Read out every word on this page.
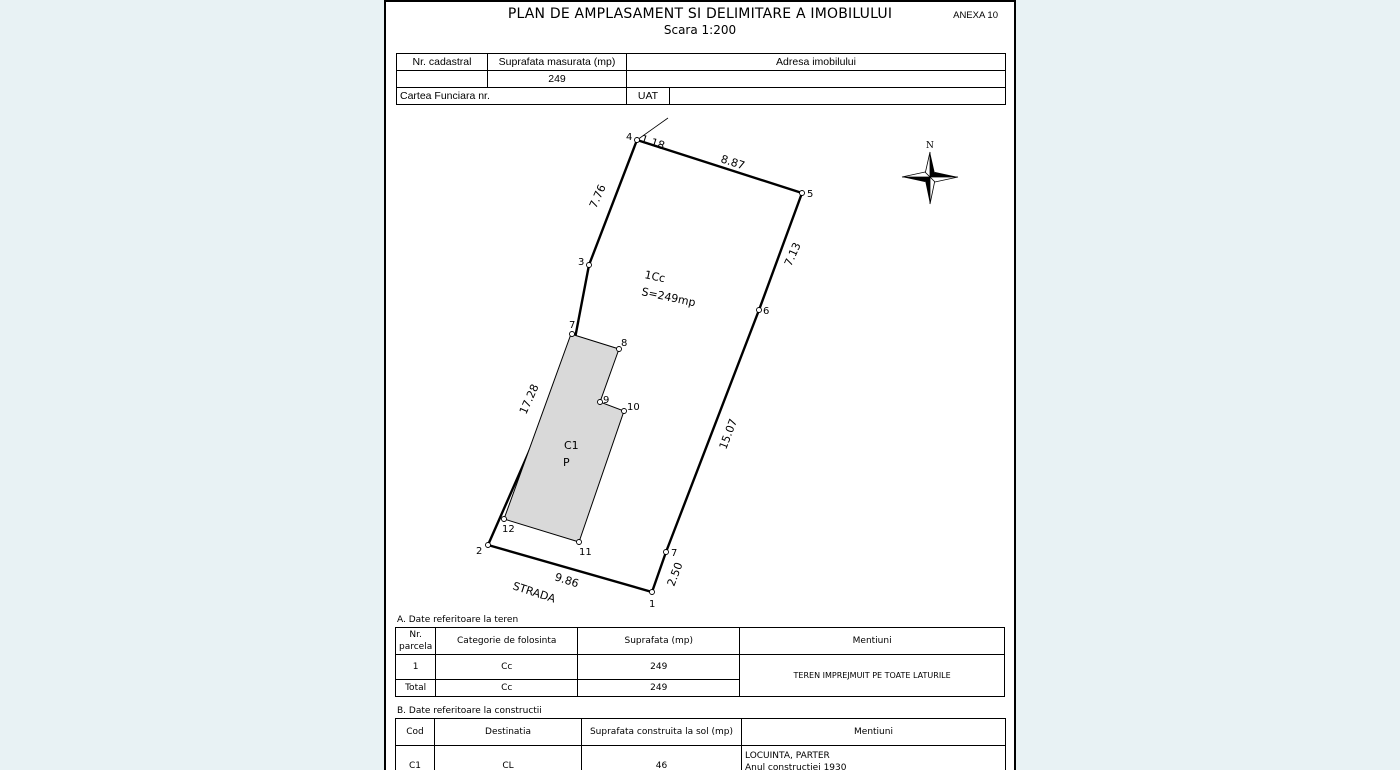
PLAN DE AMPLASAMENT SI DELIMITARE A IMOBILULUI
Scara 1:200
ANEXA 10
Nr. cadastral	Suprafata masurata (mp)	Adresa imobilului	
	249		
Cartea Funciara nr.		UAT	
4
5
3
6
7
8
9
10
11
12
2	7
1
1.18
8.87
7.76
7.13
17.28
15.07
9.86	2.50
1Cc
S=249mp
C1
P
STRADA
N
A. Date referitoare la teren
Nr. parcela	Categorie de folosinta	Suprafata (mp)	Mentiuni
1	Cc	249	TEREN IMPREJMUIT PE TOATE LATURILE
Total	Cc	249	
B. Date referitoare la constructii
Cod	Destinatia	Suprafata construita la sol (mp)	Mentiuni
C1	CL	46	LOCUINTA, PARTER
Anul constructiei 1930
